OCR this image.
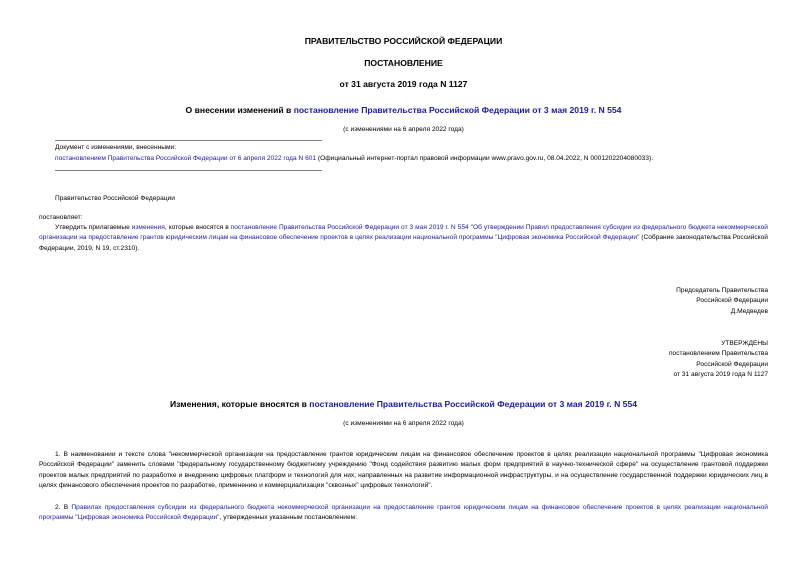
ПРАВИТЕЛЬСТВО РОССИЙСКОЙ ФЕДЕРАЦИИ
ПОСТАНОВЛЕНИЕ
от 31 августа 2019 года N 1127
О внесении изменений в постановление Правительства Российской Федерации от 3 мая 2019 г. N 554
(с изменениями на 6 апреля 2022 года)
Документ с изменениями, внесенными:
постановлением Правительства Российской Федерации от 6 апреля 2022 года N 601 (Официальный интернет-портал правовой информации www.pravo.gov.ru, 08.04.2022, N 0001202204080033).
Правительство Российской Федерации
постановляет:
Утвердить прилагаемые изменения, которые вносятся в постановление Правительства Российской Федерации от 3 мая 2019 г. N 554 "Об утверждении Правил предоставления субсидии из федерального бюджета некоммерческой организации на предоставление грантов юридическим лицам на финансовое обеспечение проектов в целях реализации национальной программы "Цифровая экономика Российской Федерации" (Собрание законодательства Российской Федерации, 2019, N 19, ст.2310).
Председатель Правительства
Российской Федерации
Д.Медведев
УТВЕРЖДЕНЫ
постановлением Правительства
Российской Федерации
от 31 августа 2019 года N 1127
Изменения, которые вносятся в постановление Правительства Российской Федерации от 3 мая 2019 г. N 554
(с изменениями на 6 апреля 2022 года)
1. В наименовании и тексте слова "некоммерческой организации на предоставление грантов юридическим лицам на финансовое обеспечение проектов в целях реализации национальной программы "Цифровая экономика Российской Федерации" заменить словами "федеральному государственному бюджетному учреждению "Фонд содействия развитию малых форм предприятий в научно-технической сфере" на осуществление грантовой поддержки проектов малых предприятий по разработке и внедрению цифровых платформ и технологий для них, направленных на развитие информационной инфраструктуры, и на осуществление государственной поддержки юридических лиц в целях финансового обеспечения проектов по разработке, применению и коммерциализации "сквозных" цифровых технологий".
2. В Правилах предоставления субсидии из федерального бюджета некоммерческой организации на предоставление грантов юридическим лицам на финансовое обеспечение проектов в целях реализации национальной программы "Цифровая экономика Российской Федерации", утвержденных указанным постановлением:
